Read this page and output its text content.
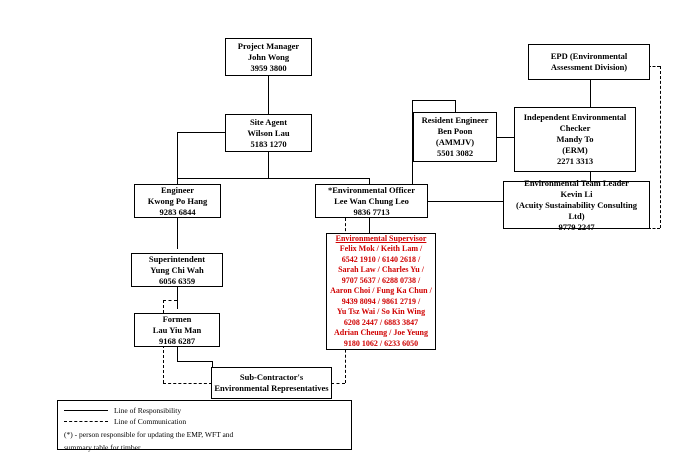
Project Manager
John Wong
3959 3800
EPD (Environmental
Assessment Division)
Site Agent
Wilson Lau
5183 1270
Resident Engineer
Ben Poon
(AMMJV)
5501 3082
Independent Environmental
Checker
Mandy To
(ERM)
2271 3313
Engineer
Kwong Po Hang
9283 6844
*Environmental Officer
Lee Wan Chung Leo
9836 7713
Environmental Team Leader
Kevin Li
(Acuity Sustainability Consulting
Ltd)
9779 2247
Superintendent
Yung Chi Wah
6056 6359
Formen
Lau Yiu Man
9168 6287
Sub-Contractor's
Environmental Representatives
Environmental Supervisor
Felix Mok / Keith Lam /
6542 1910 / 6140 2618 /
Sarah Law / Charles Yu /
9707 5637 / 6288 0738 /
Aaron Choi / Fung Ka Chun /
9439 8094 / 9861 2719 /
Yu Tsz Wai / So Kin Wing
6208 2447 / 6883 3847
Adrian Cheung / Joe Yeung
9180 1062 / 6233 6050
Line of Responsibility
Line of Communication
(*) - person responsible for updating the EMP, WFT and
summary table for timber
